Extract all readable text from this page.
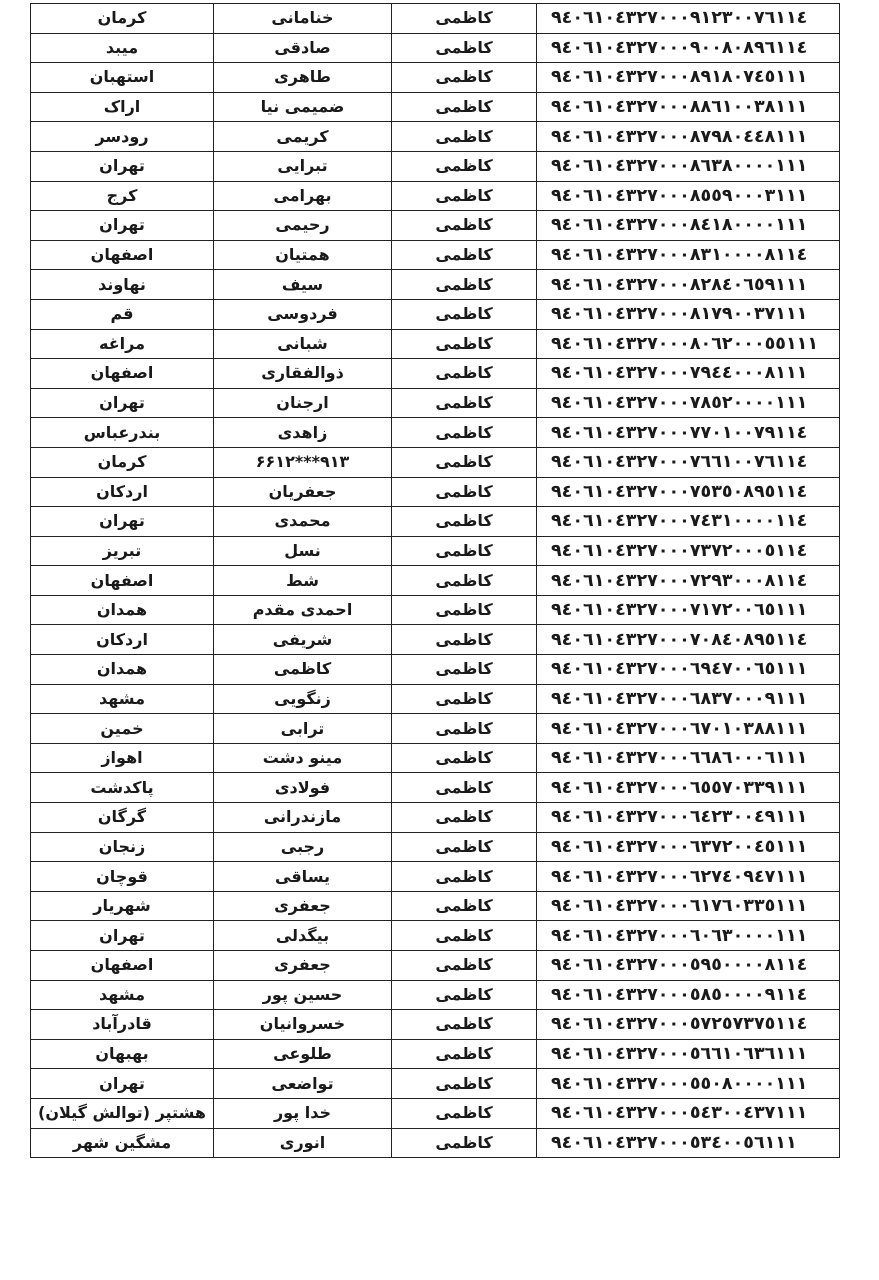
کرمان	خنامانی	کاظمی	۹٤٠٦١٠٤٣٢٧٠٠٠٩١٢٣٠٠٧٦١١٤
میبد	صادقی	کاظمی	۹٤٠٦١٠٤٣٢٧٠٠٠٩٠٠٨٠٨٩٦١١٤
استهبان	طاهری	کاظمی	۹٤٠٦١٠٤٣٢٧٠٠٠٨٩١٨٠٧٤٥١١١
اراک	ضمیمی نیا	کاظمی	۹٤٠٦١٠٤٣٢٧٠٠٠٨٨٦١٠٠٣٨١١١
رودسر	کریمی	کاظمی	۹٤٠٦١٠٤٣٢٧٠٠٠٨٧٩٨٠٤٤٨١١١
تهران	تبرایی	کاظمی	۹٤٠٦١٠٤٣٢٧٠٠٠٨٦٣٨٠٠٠٠١١١
کرج	بهرامی	کاظمی	۹٤٠٦١٠٤٣٢٧٠٠٠٨٥٥٩٠٠٠٣١١١
تهران	رحیمی	کاظمی	۹٤٠٦١٠٤٣٢٧٠٠٠٨٤١٨٠٠٠٠١١١
اصفهان	همتیان	کاظمی	۹٤٠٦١٠٤٣٢٧٠٠٠٨٣١٠٠٠٠٨١١٤
نهاوند	سیف	کاظمی	۹٤٠٦١٠٤٣٢٧٠٠٠٨٢٨٤٠٦٥٩١١١
قم	فردوسی	کاظمی	۹٤٠٦١٠٤٣٢٧٠٠٠٨١٧٩٠٠٣٧١١١
مراغه	شبانی	کاظمی	۹٤٠٦١٠٤٣٢٧٠٠٠٨٠٦٢٠٠٠٥٥١١١
اصفهان	ذوالفقاری	کاظمی	۹٤٠٦١٠٤٣٢٧٠٠٠٧٩٤٤٠٠٠٨١١١
تهران	ارجنان	کاظمی	۹٤٠٦١٠٤٣٢٧٠٠٠٧٨٥٢٠٠٠٠١١١
بندرعباس	زاهدی	کاظمی	۹٤٠٦١٠٤٣٢٧٠٠٠٧٧٠١٠٠٧٩١١٤
کرمان	۹۱۳***۶۶۱۲	کاظمی	۹٤٠٦١٠٤٣٢٧٠٠٠٧٦٦١٠٠٧٦١١٤
اردکان	جعفریان	کاظمی	۹٤٠٦١٠٤٣٢٧٠٠٠٧٥٣٥٠٨٩٥١١٤
تهران	محمدی	کاظمی	۹٤٠٦١٠٤٣٢٧٠٠٠٧٤٣١٠٠٠٠١١٤
تبریز	نسل	کاظمی	۹٤٠٦١٠٤٣٢٧٠٠٠٧٣٧٢٠٠٠٥١١٤
اصفهان	شط	کاظمی	۹٤٠٦١٠٤٣٢٧٠٠٠٧٢٩٣٠٠٠٨١١٤
همدان	احمدی مقدم	کاظمی	۹٤٠٦١٠٤٣٢٧٠٠٠٧١٧٢٠٠٦٥١١١
اردکان	شریفی	کاظمی	۹٤٠٦١٠٤٣٢٧٠٠٠٧٠٨٤٠٨٩٥١١٤
همدان	کاظمی	کاظمی	۹٤٠٦١٠٤٣٢٧٠٠٠٦٩٤٧٠٠٦٥١١١
مشهد	زنگویی	کاظمی	۹٤٠٦١٠٤٣٢٧٠٠٠٦٨٣٧٠٠٠٩١١١
خمین	ترابی	کاظمی	۹٤٠٦١٠٤٣٢٧٠٠٠٦٧٠١٠٣٨٨١١١
اهواز	مینو دشت	کاظمی	۹٤٠٦١٠٤٣٢٧٠٠٠٦٦٨٦٠٠٠٦١١١
پاکدشت	فولادی	کاظمی	۹٤٠٦١٠٤٣٢٧٠٠٠٦٥٥٧٠٣٣٩١١١
گرگان	مازندرانی	کاظمی	۹٤٠٦١٠٤٣٢٧٠٠٠٦٤٢٣٠٠٤٩١١١
زنجان	رجبی	کاظمی	۹٤٠٦١٠٤٣٢٧٠٠٠٦٣٧٢٠٠٤٥١١١
قوچان	یساقی	کاظمی	۹٤٠٦١٠٤٣٢٧٠٠٠٦٢٧٤٠٩٤٧١١١
شهریار	جعفری	کاظمی	۹٤٠٦١٠٤٣٢٧٠٠٠٦١٧٦٠٣٣٥١١١
تهران	بیگدلی	کاظمی	۹٤٠٦١٠٤٣٢٧٠٠٠٦٠٦٣٠٠٠٠١١١
اصفهان	جعفری	کاظمی	۹٤٠٦١٠٤٣٢٧٠٠٠٥٩٥٠٠٠٠٨١١٤
مشهد	حسین پور	کاظمی	۹٤٠٦١٠٤٣٢٧٠٠٠٥٨٥٠٠٠٠٩١١٤
قادرآباد	خسروانیان	کاظمی	۹٤٠٦١٠٤٣٢٧٠٠٠٥٧٢٥٧٣٧٥١١٤
بهبهان	طلوعی	کاظمی	۹٤٠٦١٠٤٣٢٧٠٠٠٥٦٦١٠٦٣٦١١١
تهران	تواضعی	کاظمی	۹٤٠٦١٠٤٣٢٧٠٠٠٥٥٠٨٠٠٠٠١١١
هشتپر (توالش گیلان)	خدا پور	کاظمی	۹٤٠٦١٠٤٣٢٧٠٠٠٥٤٣٠٠٤٣٧١١١
مشگین شهر	انوری	کاظمی	۹٤٠٦١٠٤٣٢٧٠٠٠٥٣٤٠٠٥٦١١١
